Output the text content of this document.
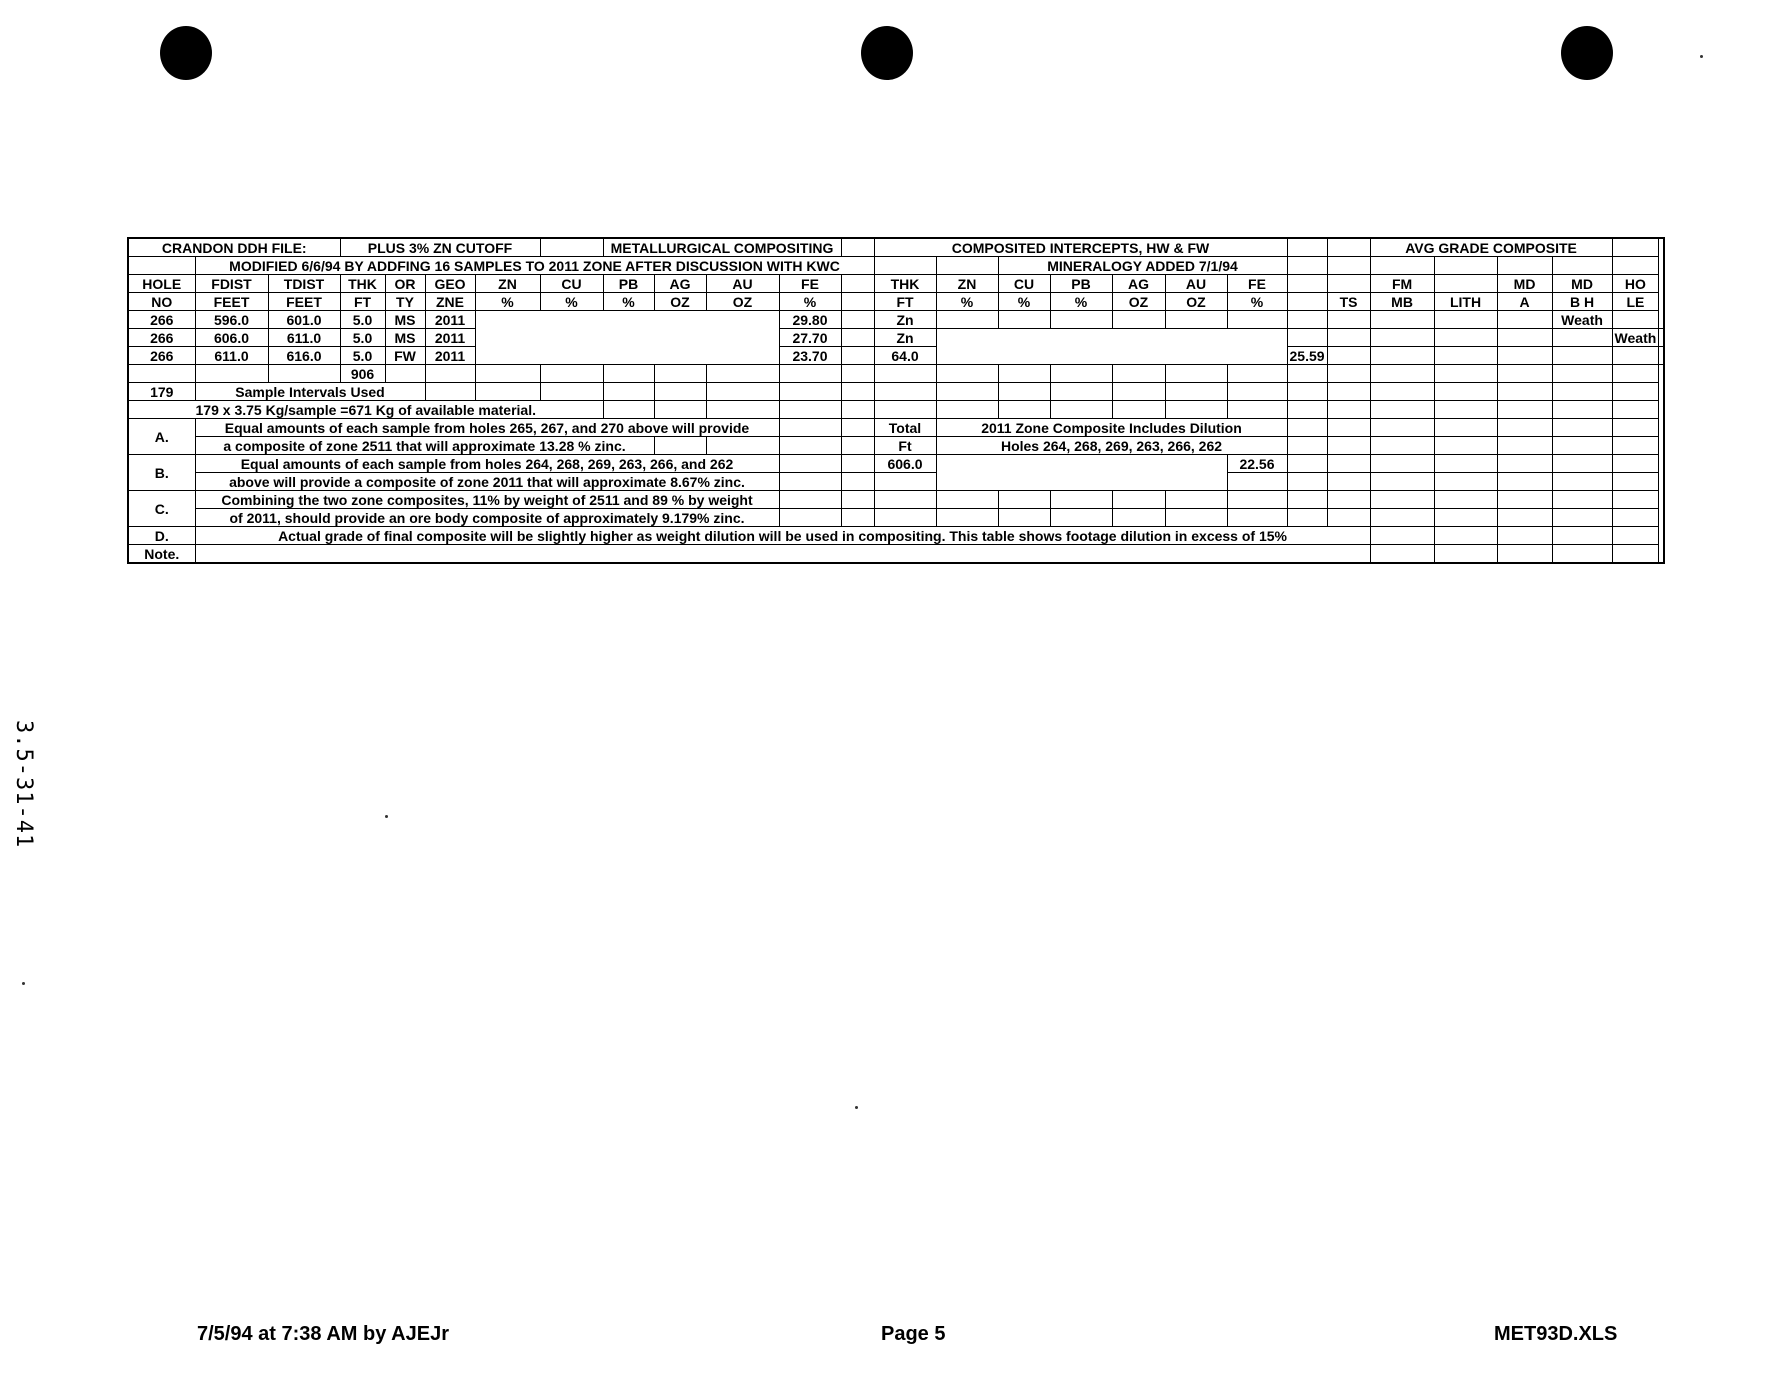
3.5-31-41
CRANDON DDH FILE:			PLUS 3% ZN CUTOFF					METALLURGICAL COMPOSITING					COMPOSITED INTERCEPTS, HW & FW									AVG GRADE COMPOSITE					
	MODIFIED 6/6/94 BY ADDFING 16 SAMPLES TO 2011 ZONE AFTER DISCUSSION WITH KWC														MINERALOGY ADDED 7/1/94												
HOLE	FDIST	TDIST	THK	OR	GEO	ZN	CU	PB	AG	AU	FE		THK	ZN	CU	PB	AG	AU	FE			FM		MD	MD	HO	
NO	FEET	FEET	FT	TY	ZNE	%	%	%	OZ	OZ	%		FT	%	%	%	OZ	OZ	%		TS	MB	LITH	A	B H	LE	
266	596.0	601.0	5.0	MS	2011						29.80		Zn												Weath		
266	606.0	611.0	5.0	MS	2011						27.70		Zn													Weath	
266	611.0	616.0	5.0	FW	2011						23.70		64.0							25.59							
			906																								
179	Sample Intervals Used																										
179 x 3.75 Kg/sample =671 Kg of available material.																											
A.	Equal amounts of each sample from holes 265, 267, and 270 above will provide												Total	2011 Zone Composite Includes Dilution													
	a composite of zone 2511 that will approximate 13.28 % zinc.												Ft	Holes 264, 268, 269, 263, 266, 262													
B.	Equal amounts of each sample from holes 264, 268, 269, 263, 266, and 262												606.0						22.56								
	above will provide a composite of zone 2011 that will approximate 8.67% zinc.																										
C.	Combining the two zone composites, 11% by weight of 2511 and 89 % by weight																										
	of 2011, should provide an ore body composite of approximately 9.179% zinc.																										
D.	Actual grade of final composite will be slightly higher as weight dilution will be used in compositing. This table shows footage dilution in excess of 15%																										
Note.																											
7/5/94 at 7:38 AM by AJEJr	Page 5	MET93D.XLS
